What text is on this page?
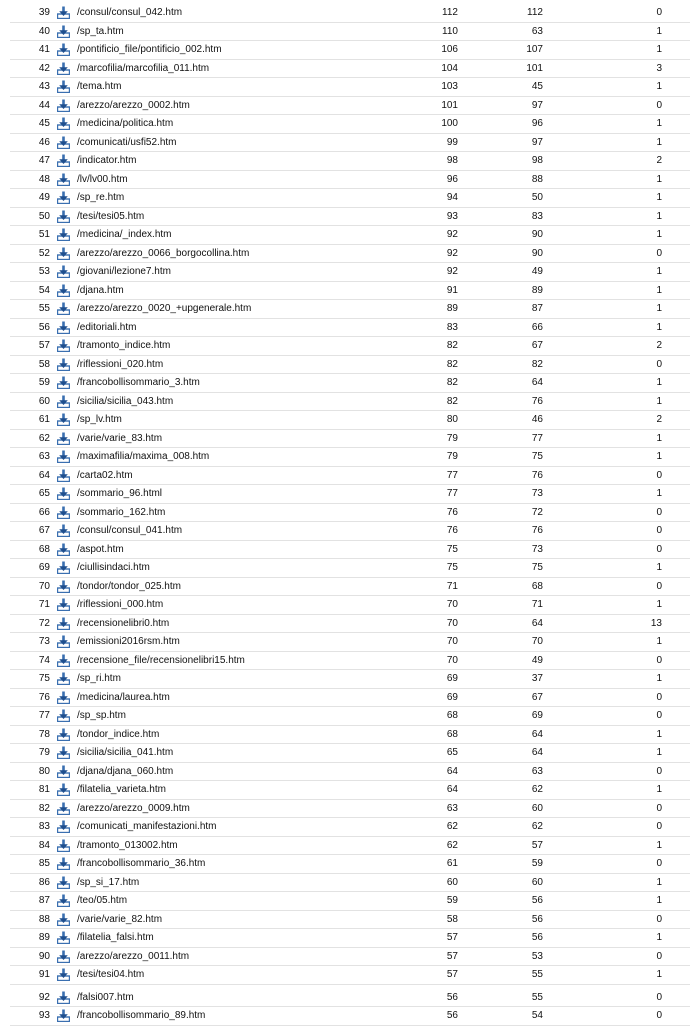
39	/consul/consul_042.htm	112	112	0
40	/sp_ta.htm	110	63	1
41	/pontificio_file/pontificio_002.htm	106	107	1
42	/marcofilia/marcofilia_011.htm	104	101	3
43	/tema.htm	103	45	1
44	/arezzo/arezzo_0002.htm	101	97	0
45	/medicina/politica.htm	100	96	1
46	/comunicati/usfi52.htm	99	97	1
47	/indicator.htm	98	98	2
48	/lv/lv00.htm	96	88	1
49	/sp_re.htm	94	50	1
50	/tesi/tesi05.htm	93	83	1
51	/medicina/_index.htm	92	90	1
52	/arezzo/arezzo_0066_borgocollina.htm	92	90	0
53	/giovani/lezione7.htm	92	49	1
54	/djana.htm	91	89	1
55	/arezzo/arezzo_0020_+upgenerale.htm	89	87	1
56	/editoriali.htm	83	66	1
57	/tramonto_indice.htm	82	67	2
58	/riflessioni_020.htm	82	82	0
59	/francobollisommario_3.htm	82	64	1
60	/sicilia/sicilia_043.htm	82	76	1
61	/sp_lv.htm	80	46	2
62	/varie/varie_83.htm	79	77	1
63	/maximafilia/maxima_008.htm	79	75	1
64	/carta02.htm	77	76	0
65	/sommario_96.html	77	73	1
66	/sommario_162.htm	76	72	0
67	/consul/consul_041.htm	76	76	0
68	/aspot.htm	75	73	0
69	/ciullisindaci.htm	75	75	1
70	/tondor/tondor_025.htm	71	68	0
71	/riflessioni_000.htm	70	71	1
72	/recensionelibri0.htm	70	64	13
73	/emissioni2016rsm.htm	70	70	1
74	/recensione_file/recensionelibri15.htm	70	49	0
75	/sp_ri.htm	69	37	1
76	/medicina/laurea.htm	69	67	0
77	/sp_sp.htm	68	69	0
78	/tondor_indice.htm	68	64	1
79	/sicilia/sicilia_041.htm	65	64	1
80	/djana/djana_060.htm	64	63	0
81	/filatelia_varieta.htm	64	62	1
82	/arezzo/arezzo_0009.htm	63	60	0
83	/comunicati_manifestazioni.htm	62	62	0
84	/tramonto_013002.htm	62	57	1
85	/francobollisommario_36.htm	61	59	0
86	/sp_si_17.htm	60	60	1
87	/teo/05.htm	59	56	1
88	/varie/varie_82.htm	58	56	0
89	/filatelia_falsi.htm	57	56	1
90	/arezzo/arezzo_0011.htm	57	53	0
91	/tesi/tesi04.htm	57	55	1
92	/falsi007.htm	56	55	0
93	/francobollisommario_89.htm	56	54	0
